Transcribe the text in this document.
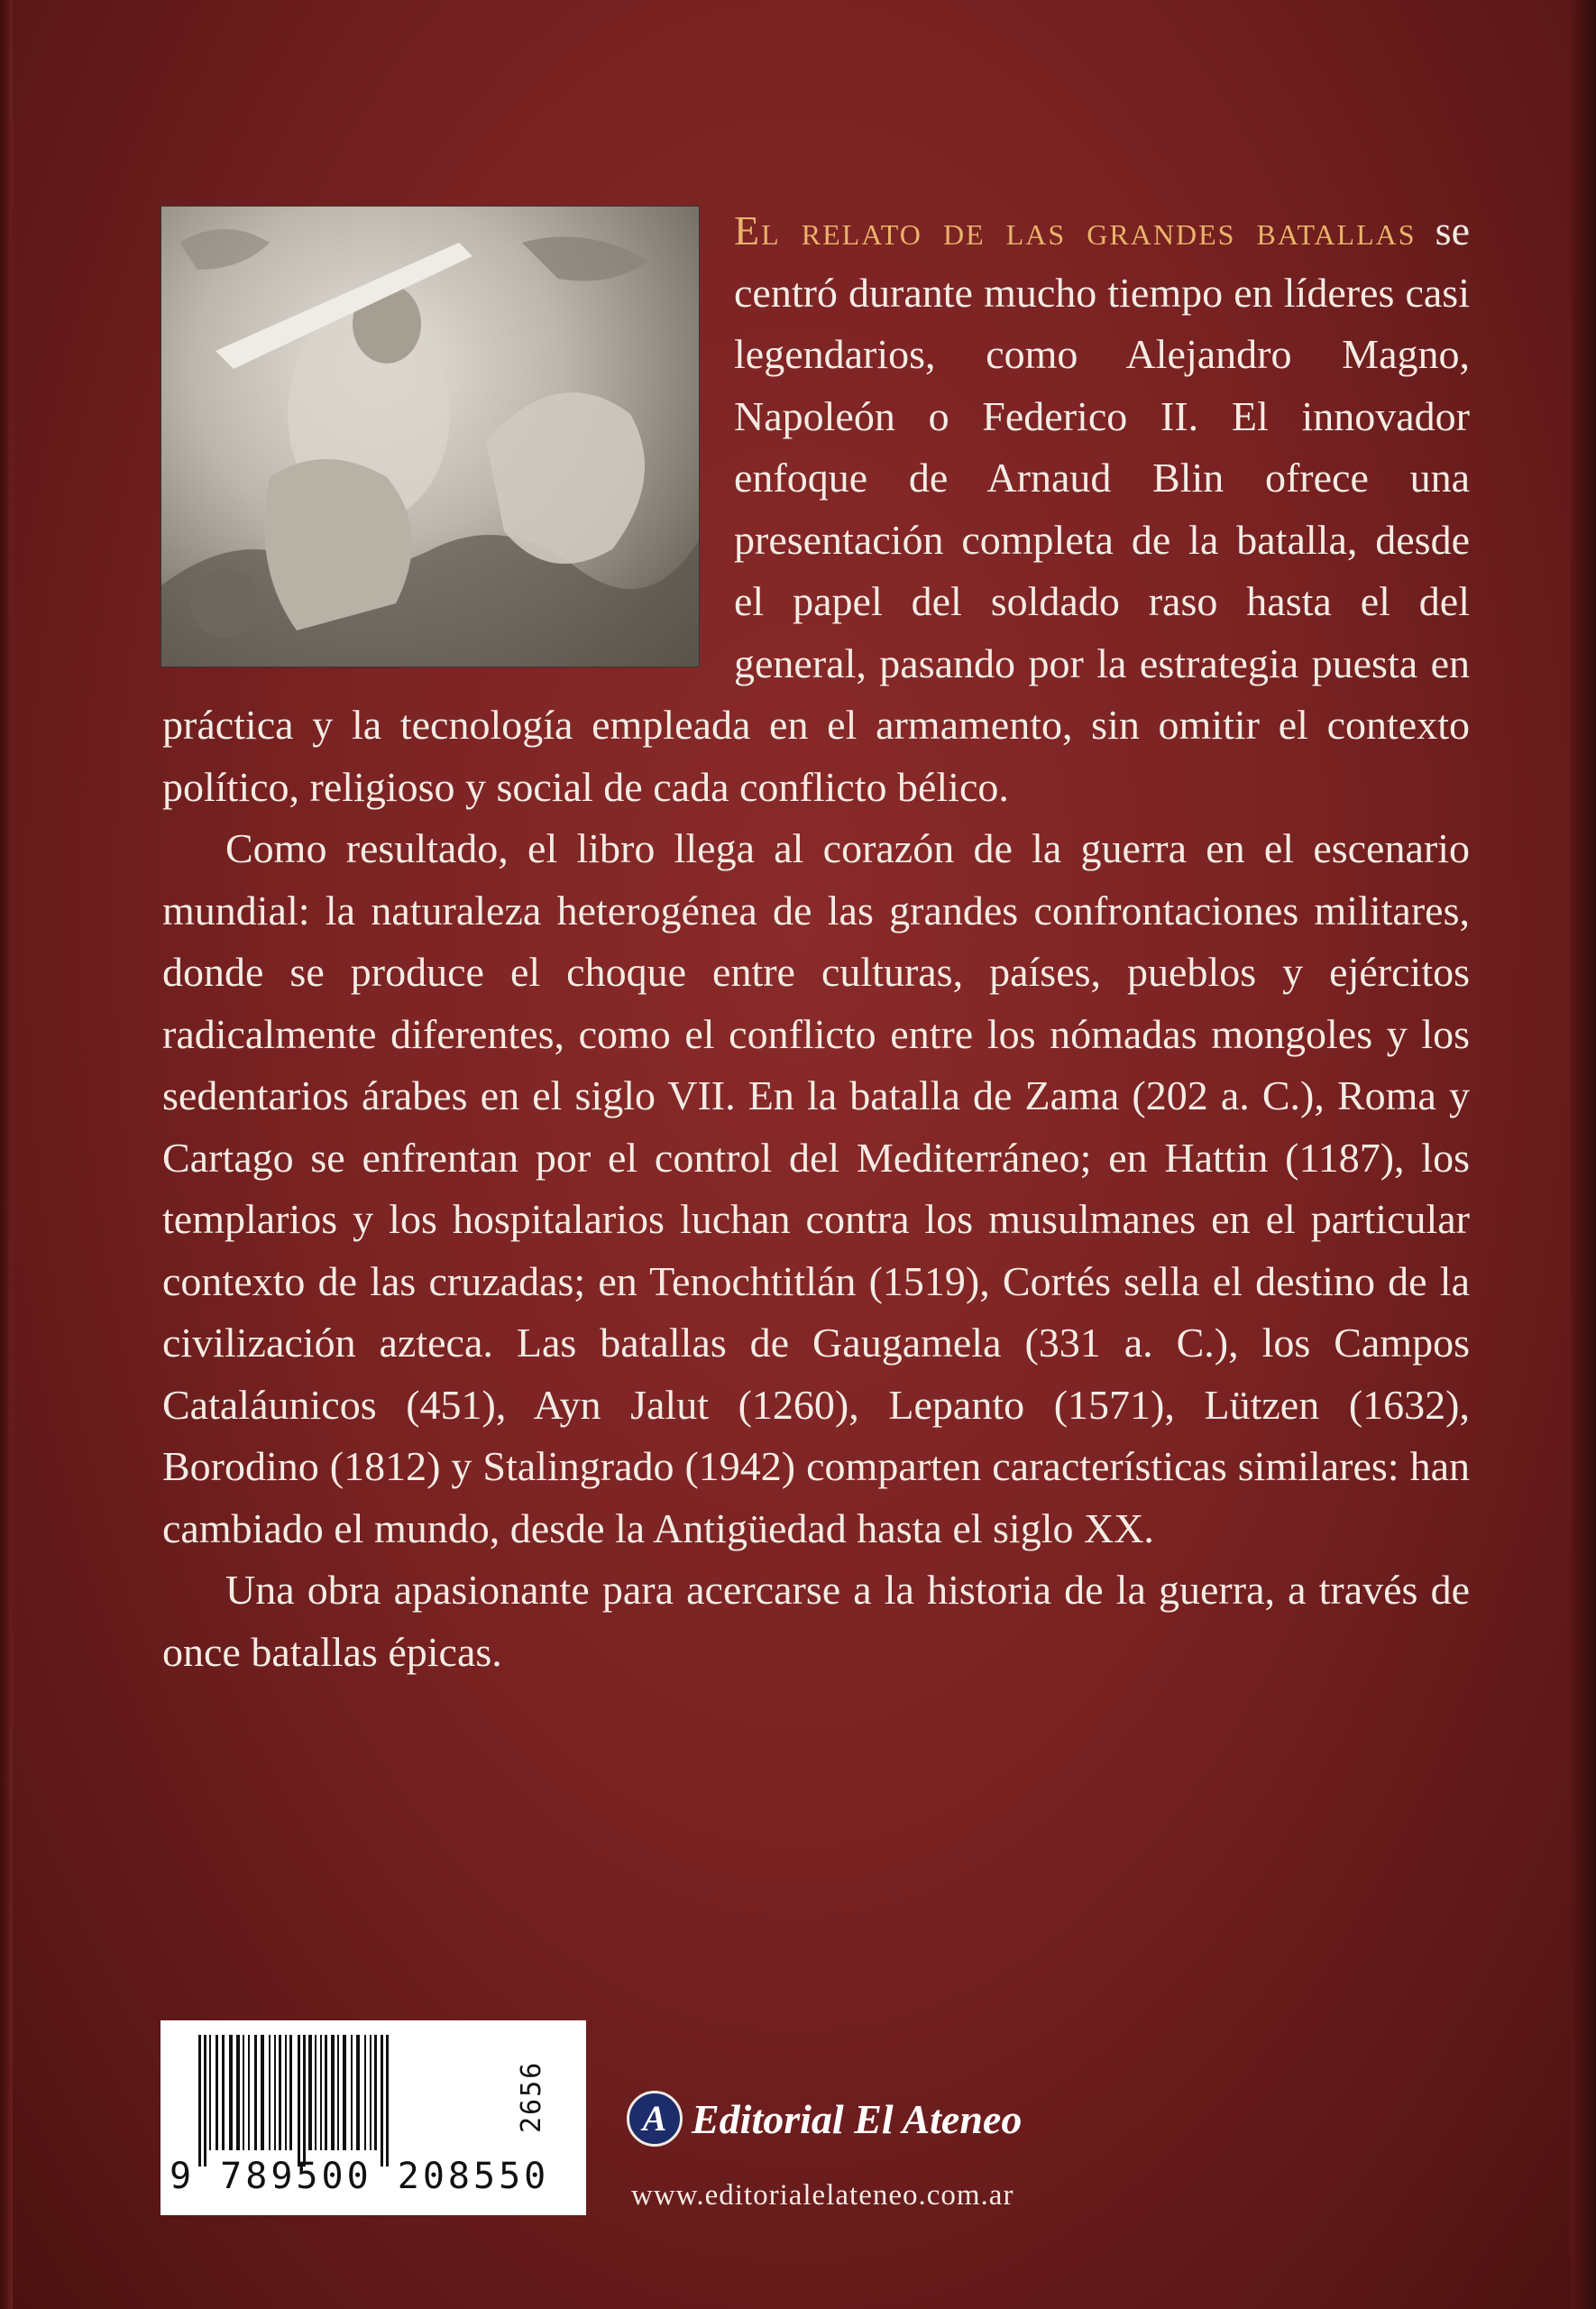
El relato de las grandes batallas se centró durante mucho tiempo en líderes casi legendarios, como Alejandro Magno, Napoleón o Federico II. El innovador enfoque de Arnaud Blin ofrece una presentación completa de la batalla, desde el papel del soldado raso hasta el del general, pasando por la estrategia puesta en práctica y la tecnología empleada en el armamento, sin omitir el contexto político, religioso y social de cada conflicto bélico.

Como resultado, el libro llega al corazón de la guerra en el escenario mundial: la naturaleza heterogénea de las grandes confrontaciones militares, donde se produce el choque entre culturas, países, pueblos y ejércitos radicalmente diferentes, como el conflicto entre los nómadas mongoles y los sedentarios árabes en el siglo VII. En la batalla de Zama (202 a. C.), Roma y Cartago se enfrentan por el control del Mediterráneo; en Hattin (1187), los templarios y los hospitalarios luchan contra los musulmanes en el particular contexto de las cruzadas; en Tenochtitlán (1519), Cortés sella el destino de la civilización azteca. Las batallas de Gaugamela (331 a. C.), los Campos Cataláunicos (451), Ayn Jalut (1260), Lepanto (1571), Lützen (1632), Borodino (1812) y Stalingrado (1942) comparten características similares: han cambiado el mundo, desde la Antigüedad hasta el siglo XX.

Una obra apasionante para acercarse a la historia de la guerra, a través de once batallas épicas.

9 789500 208550
2656	A Editorial El Ateneo
www.editorialelateneo.com.ar
